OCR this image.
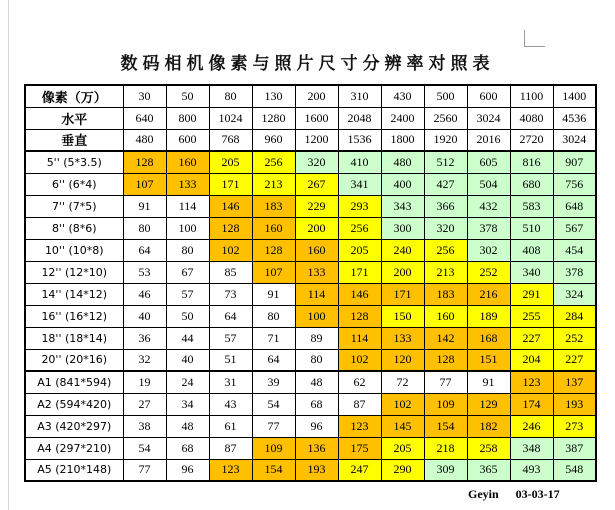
数码相机像素与照片尺寸分辨率对照表
像素（万）	30	50	80	130	200	310	430	500	600	1100	1400
水平	640	800	1024	1280	1600	2048	2400	2560	3024	4080	4536
垂直	480	600	768	960	1200	1536	1800	1920	2016	2720	3024
5'' (5*3.5)	128	160	205	256	320	410	480	512	605	816	907
6'' (6*4)	107	133	171	213	267	341	400	427	504	680	756
7'' (7*5)	91	114	146	183	229	293	343	366	432	583	648
8'' (8*6)	80	100	128	160	200	256	300	320	378	510	567
10'' (10*8)	64	80	102	128	160	205	240	256	302	408	454
12'' (12*10)	53	67	85	107	133	171	200	213	252	340	378
14'' (14*12)	46	57	73	91	114	146	171	183	216	291	324
16'' (16*12)	40	50	64	80	100	128	150	160	189	255	284
18'' (18*14)	36	44	57	71	89	114	133	142	168	227	252
20'' (20*16)	32	40	51	64	80	102	120	128	151	204	227
A1 (841*594)	19	24	31	39	48	62	72	77	91	123	137
A2 (594*420)	27	34	43	54	68	87	102	109	129	174	193
A3 (420*297)	38	48	61	77	96	123	145	154	182	246	273
A4 (297*210)	54	68	87	109	136	175	205	218	258	348	387
A5 (210*148)	77	96	123	154	193	247	290	309	365	493	548
Geyin 03-03-17
